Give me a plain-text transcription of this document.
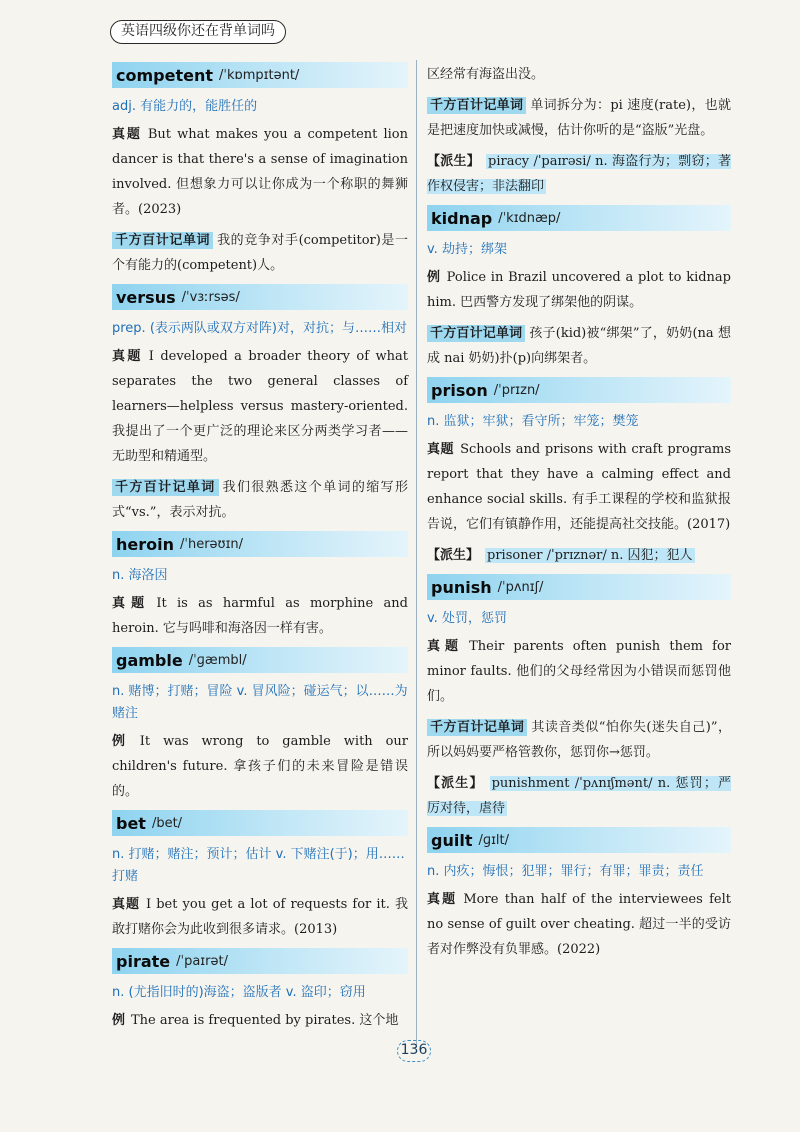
英语四级你还在背单词吗
competent /ˈkɒmpɪtənt/
adj. 有能力的，能胜任的
真题 But what makes you a competent lion dancer is that there's a sense of imagination involved. 但想象力可以让你成为一个称职的舞狮者。(2023)
千方百计记单词 我的竞争对手(competitor)是一个有能力的(competent)人。
versus /ˈvɜːrsəs/
prep. (表示两队或双方对阵)对，对抗；与……相对
真题 I developed a broader theory of what separates the two general classes of learners—helpless versus mastery-oriented. 我提出了一个更广泛的理论来区分两类学习者——无助型和精通型。
千方百计记单词 我们很熟悉这个单词的缩写形式“vs.”，表示对抗。
heroin /ˈherəʊɪn/
n. 海洛因
真题 It is as harmful as morphine and heroin. 它与吗啡和海洛因一样有害。
gamble /ˈɡæmbl/
n. 赌博；打赌；冒险 v. 冒风险；碰运气；以……为赌注
例 It was wrong to gamble with our children's future. 拿孩子们的未来冒险是错误的。
bet /bet/
n. 打赌；赌注；预计；估计 v. 下赌注(于)；用……打赌
真题 I bet you get a lot of requests for it. 我敢打赌你会为此收到很多请求。(2013)
pirate /ˈpaɪrət/
n. (尤指旧时的)海盗；盗版者 v. 盗印；窃用
例 The area is frequented by pirates. 这个地
区经常有海盗出没。
千方百计记单词 单词拆分为：pi 速度(rate)，也就是把速度加快或减慢，估计你听的是“盗版”光盘。
【派生】 piracy /ˈpaɪrəsi/ n. 海盗行为；剽窃；著作权侵害；非法翻印
kidnap /ˈkɪdnæp/
v. 劫持；绑架
例 Police in Brazil uncovered a plot to kidnap him. 巴西警方发现了绑架他的阴谋。
千方百计记单词 孩子(kid)被“绑架”了，奶奶(na 想成 nai 奶奶)扑(p)向绑架者。
prison /ˈprɪzn/
n. 监狱；牢狱；看守所；牢笼；樊笼
真题 Schools and prisons with craft programs report that they have a calming effect and enhance social skills. 有手工课程的学校和监狱报告说，它们有镇静作用，还能提高社交技能。(2017)
【派生】 prisoner /ˈprɪznər/ n. 囚犯；犯人
punish /ˈpʌnɪʃ/
v. 处罚，惩罚
真题 Their parents often punish them for minor faults. 他们的父母经常因为小错误而惩罚他们。
千方百计记单词 其读音类似“怕你失(迷失自己)”，所以妈妈要严格管教你，惩罚你→惩罚。
【派生】 punishment /ˈpʌnɪʃmənt/ n. 惩罚；严厉对待，虐待
guilt /ɡɪlt/
n. 内疚；悔恨；犯罪；罪行；有罪；罪责；责任
真题 More than half of the interviewees felt no sense of guilt over cheating. 超过一半的受访者对作弊没有负罪感。(2022)
136
